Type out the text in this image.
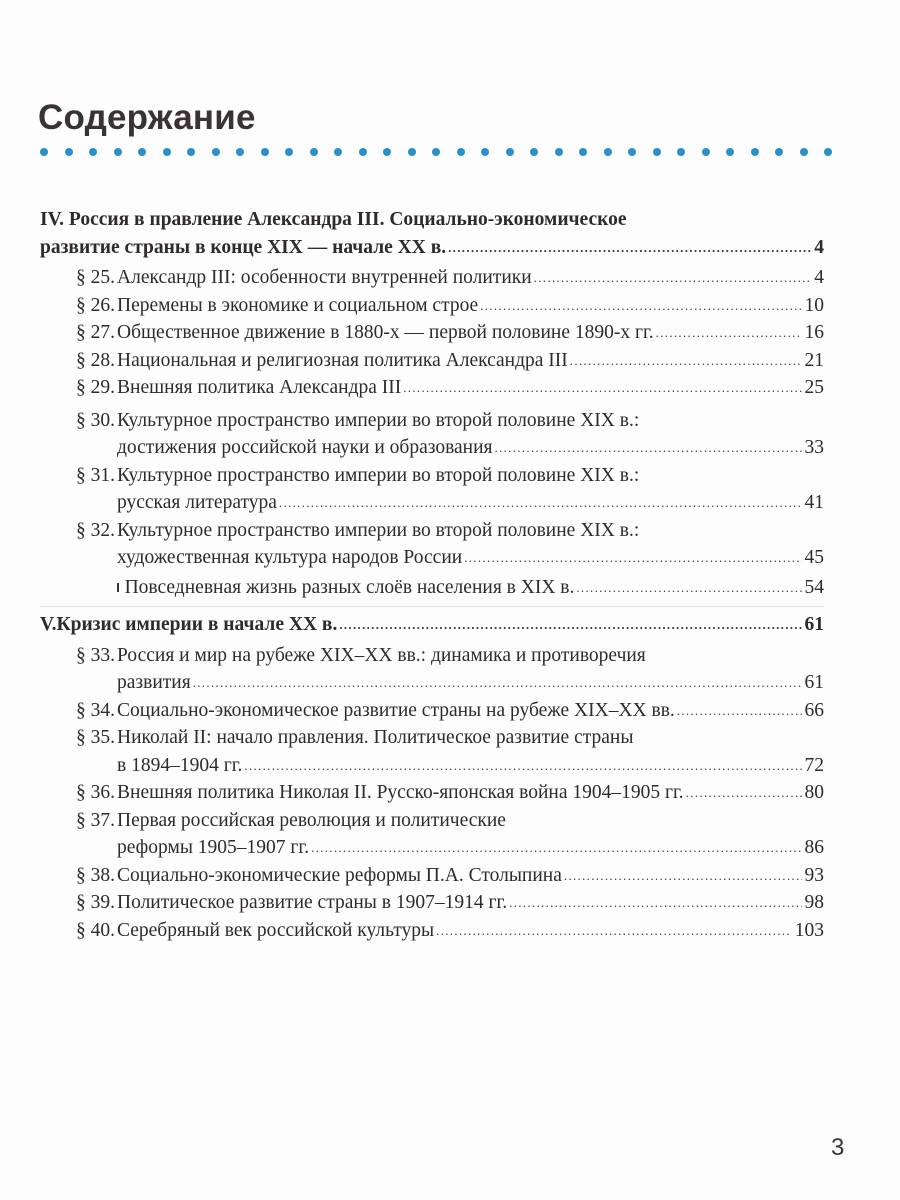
Содержание
IV. Россия в правление Александра III. Социально-экономическое
развитие страны в конце XIX — начале XX в. .....	4
§ 25. Александр III: особенности внутренней политики .....	4
§ 26. Перемены в экономике и социальном строе .....	10
§ 27. Общественное движение в 1880-х — первой половине 1890-х гг. .....	16
§ 28. Национальная и религиозная политика Александра III .....	21
§ 29. Внешняя политика Александра III .....	25
§ 30. Культурное пространство империи во второй половине XIX в.:
достижения российской науки и образования .....	33
§ 31. Культурное пространство империи во второй половине XIX в.:
русская литература .....	41
§ 32. Культурное пространство империи во второй половине XIX в.:
художественная культура народов России .....	45
Повседневная жизнь разных слоёв населения в XIX в. .....	54
V. Кризис империи в начале XX в. .....	61
§ 33. Россия и мир на рубеже XIX–XX вв.: динамика и противоречия
развития .....	61
§ 34. Социально-экономическое развитие страны на рубеже XIX–XX вв. .....	66
§ 35. Николай II: начало правления. Политическое развитие страны
в 1894–1904 гг. .....	72
§ 36. Внешняя политика Николая II. Русско-японская война 1904–1905 гг. .....	80
§ 37. Первая российская революция и политические
реформы 1905–1907 гг. .....	86
§ 38. Социально-экономические реформы П.А. Столыпина .....	93
§ 39. Политическое развитие страны в 1907–1914 гг. .....	98
§ 40. Серебряный век российской культуры .....	103
3
